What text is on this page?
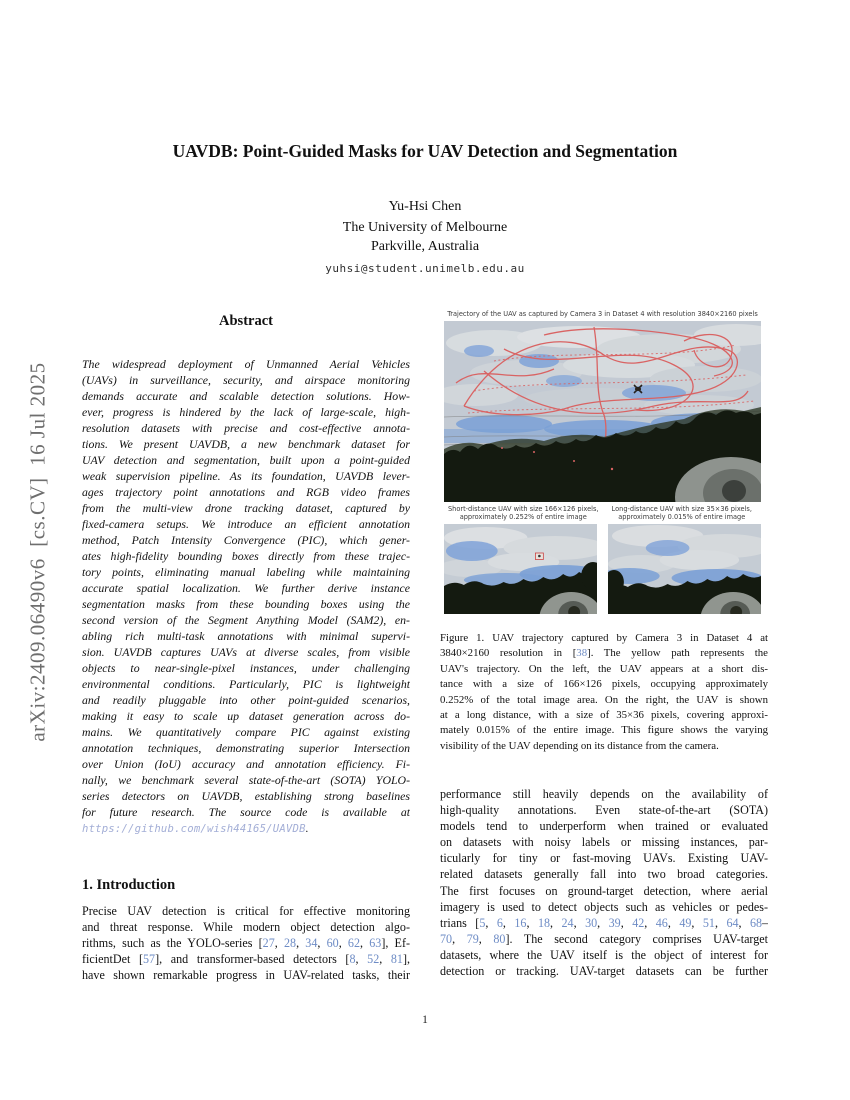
arXiv:2409.06490v6  [cs.CV]  16 Jul 2025
UAVDB: Point-Guided Masks for UAV Detection and Segmentation
Yu-Hsi Chen
The University of Melbourne
Parkville, Australia
yuhsi@student.unimelb.edu.au
Abstract
The widespread deployment of Unmanned Aerial Vehicles
(UAVs) in surveillance, security, and airspace monitoring
demands accurate and scalable detection solutions. How-
ever, progress is hindered by the lack of large-scale, high-
resolution datasets with precise and cost-effective annota-
tions. We present UAVDB, a new benchmark dataset for
UAV detection and segmentation, built upon a point-guided
weak supervision pipeline. As its foundation, UAVDB lever-
ages trajectory point annotations and RGB video frames
from the multi-view drone tracking dataset, captured by
fixed-camera setups. We introduce an efficient annotation
method, Patch Intensity Convergence (PIC), which gener-
ates high-fidelity bounding boxes directly from these trajec-
tory points, eliminating manual labeling while maintaining
accurate spatial localization. We further derive instance
segmentation masks from these bounding boxes using the
second version of the Segment Anything Model (SAM2), en-
abling rich multi-task annotations with minimal supervi-
sion. UAVDB captures UAVs at diverse scales, from visible
objects to near-single-pixel instances, under challenging
environmental conditions. Particularly, PIC is lightweight
and readily pluggable into other point-guided scenarios,
making it easy to scale up dataset generation across do-
mains. We quantitatively compare PIC against existing
annotation techniques, demonstrating superior Intersection
over Union (IoU) accuracy and annotation efficiency. Fi-
nally, we benchmark several state-of-the-art (SOTA) YOLO-
series detectors on UAVDB, establishing strong baselines
for future research. The source code is available at
https://github.com/wish44165/UAVDB.
1. Introduction
Precise UAV detection is critical for effective monitoring
and threat response. While modern object detection algo-
rithms, such as the YOLO-series [27, 28, 34, 60, 62, 63], Ef-
ficientDet [57], and transformer-based detectors [8, 52, 81],
have shown remarkable progress in UAV-related tasks, their
Trajectory of the UAV as captured by Camera 3 in Dataset 4 with resolution 3840×2160 pixels
Short-distance UAV with size 166×126 pixels,
approximately 0.252% of entire image
Long-distance UAV with size 35×36 pixels,
approximately 0.015% of entire image
Figure 1. UAV trajectory captured by Camera 3 in Dataset 4 at
3840×2160 resolution in [38]. The yellow path represents the
UAV's trajectory. On the left, the UAV appears at a short dis-
tance with a size of 166×126 pixels, occupying approximately
0.252% of the total image area. On the right, the UAV is shown
at a long distance, with a size of 35×36 pixels, covering approxi-
mately 0.015% of the entire image. This figure shows the varying
visibility of the UAV depending on its distance from the camera.
performance still heavily depends on the availability of
high-quality annotations. Even state-of-the-art (SOTA)
models tend to underperform when trained or evaluated
on datasets with noisy labels or missing instances, par-
ticularly for tiny or fast-moving UAVs. Existing UAV-
related datasets generally fall into two broad categories.
The first focuses on ground-target detection, where aerial
imagery is used to detect objects such as vehicles or pedes-
trians [5, 6, 16, 18, 24, 30, 39, 42, 46, 49, 51, 64, 68–
70, 79, 80]. The second category comprises UAV-target
datasets, where the UAV itself is the object of interest for
detection or tracking. UAV-target datasets can be further
1
